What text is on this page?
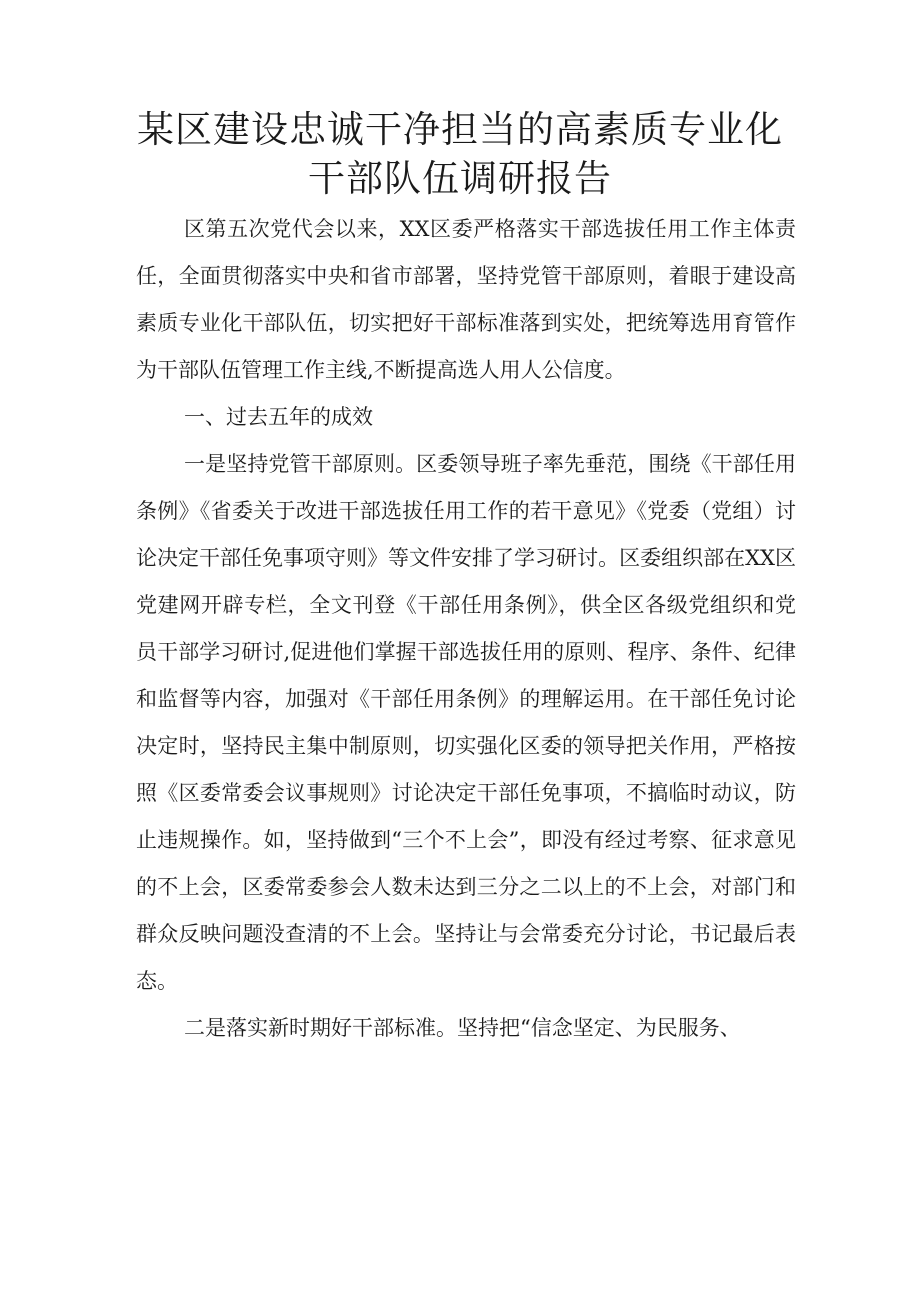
某区建设忠诚干净担当的高素质专业化
干部队伍调研报告

区第五次党代会以来，XX区委严格落实干部选拔任用工作主体责任，全面贯彻落实中央和省市部署，坚持党管干部原则，着眼于建设高素质专业化干部队伍，切实把好干部标准落到实处，把统筹选用育管作为干部队伍管理工作主线,不断提高选人用人公信度。

一、过去五年的成效

一是坚持党管干部原则。区委领导班子率先垂范，围绕《干部任用条例》《省委关于改进干部选拔任用工作的若干意见》《党委（党组）讨论决定干部任免事项守则》等文件安排了学习研讨。区委组织部在XX区党建网开辟专栏，全文刊登《干部任用条例》，供全区各级党组织和党员干部学习研讨,促进他们掌握干部选拔任用的原则、程序、条件、纪律和监督等内容，加强对《干部任用条例》的理解运用。在干部任免讨论决定时，坚持民主集中制原则，切实强化区委的领导把关作用，严格按照《区委常委会议事规则》讨论决定干部任免事项，不搞临时动议，防止违规操作。如，坚持做到“三个不上会”，即没有经过考察、征求意见的不上会，区委常委参会人数未达到三分之二以上的不上会，对部门和群众反映问题没查清的不上会。坚持让与会常委充分讨论，书记最后表态。

二是落实新时期好干部标准。坚持把“信念坚定、为民服务、
